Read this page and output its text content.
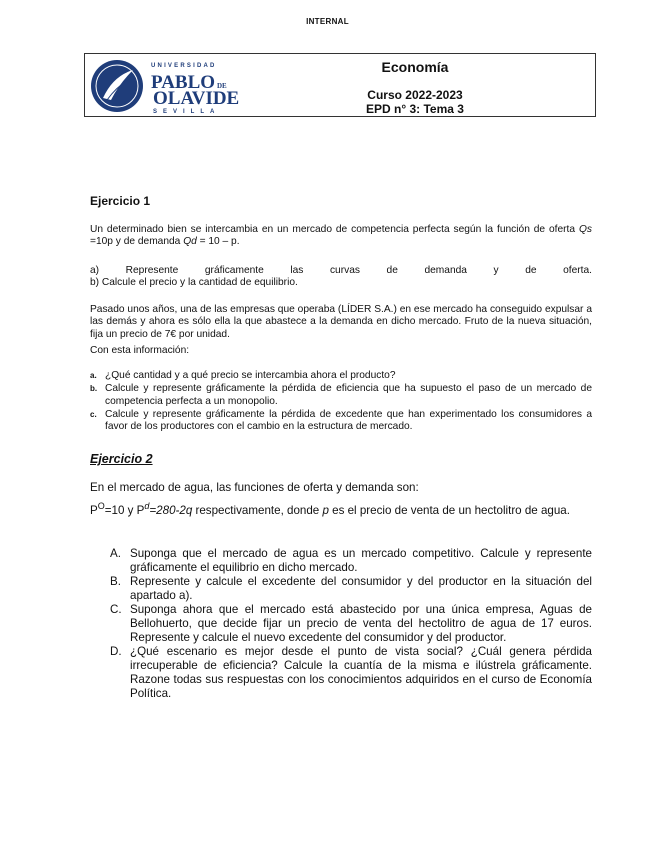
INTERNAL
UNIVERSIDAD
PABLO DE
OLAVIDE
SEVILLA
Economía
Curso 2022-2023
EPD n° 3: Tema 3
Ejercicio 1
Un determinado bien se intercambia en un mercado de competencia perfecta según la función de oferta Qs =10p y de demanda Qd = 10 – p.
a) Represente gráficamente las curvas de demanda y de oferta.
b) Calcule el precio y la cantidad de equilibrio.
Pasado unos años, una de las empresas que operaba (LÍDER S.A.) en ese mercado ha conseguido expulsar a las demás y ahora es sólo ella la que abastece a la demanda en dicho mercado. Fruto de la nueva situación, fija un precio de 7€ por unidad.
Con esta información:
a. ¿Qué cantidad y a qué precio se intercambia ahora el producto?
b. Calcule y represente gráficamente la pérdida de eficiencia que ha supuesto el paso de un mercado de competencia perfecta a un monopolio.
c. Calcule y represente gráficamente la pérdida de excedente que han experimentado los consumidores a favor de los productores con el cambio en la estructura de mercado.
Ejercicio 2
En el mercado de agua, las funciones de oferta y demanda son:
$P^O=10$ y $P^d=280-2q$ respectivamente, donde p es el precio de venta de un hectolitro de agua.
A. Suponga que el mercado de agua es un mercado competitivo. Calcule y represente gráficamente el equilibrio en dicho mercado.
B. Represente y calcule el excedente del consumidor y del productor en la situación del apartado a).
C. Suponga ahora que el mercado está abastecido por una única empresa, Aguas de Bellohuerto, que decide fijar un precio de venta del hectolitro de agua de 17 euros. Represente y calcule el nuevo excedente del consumidor y del productor.
D. ¿Qué escenario es mejor desde el punto de vista social? ¿Cuál genera pérdida irrecuperable de eficiencia? Calcule la cuantía de la misma e ilústrela gráficamente. Razone todas sus respuestas con los conocimientos adquiridos en el curso de Economía Política.
